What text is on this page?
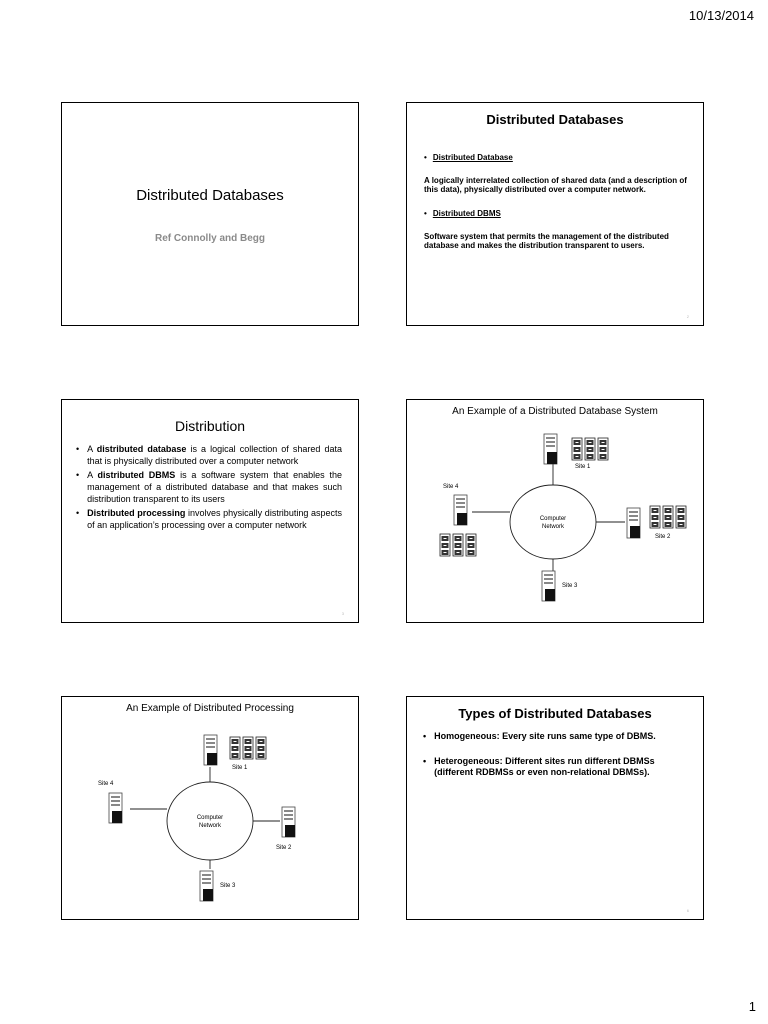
10/13/2014
Distributed Databases
Ref Connolly and Begg
Distributed Databases
• Distributed Database

A logically interrelated collection of shared data (and a description of this data), physically distributed over a computer network.

• Distributed DBMS

Software system that permits the management of the distributed database and makes the distribution transparent to users.

2
Distribution
• A distributed database is a logical collection of shared data that is physically distributed over a computer network
• A distributed DBMS is a software system that enables the management of a distributed database and that makes such distribution transparent to its users
• Distributed processing involves physically distributing aspects of an application’s processing over a computer network
3
An Example of a Distributed Database System
Computer
Network
Site 1
Site 2
Site 3
Site 4
An Example of Distributed Processing
Computer
Network
Site 1
Site 2
Site 3
Site 4
Types of Distributed Databases
• Homogeneous: Every site runs same type of DBMS.
• Heterogeneous: Different sites run different DBMSs (different RDBMSs or even non-relational DBMSs).
6
1
